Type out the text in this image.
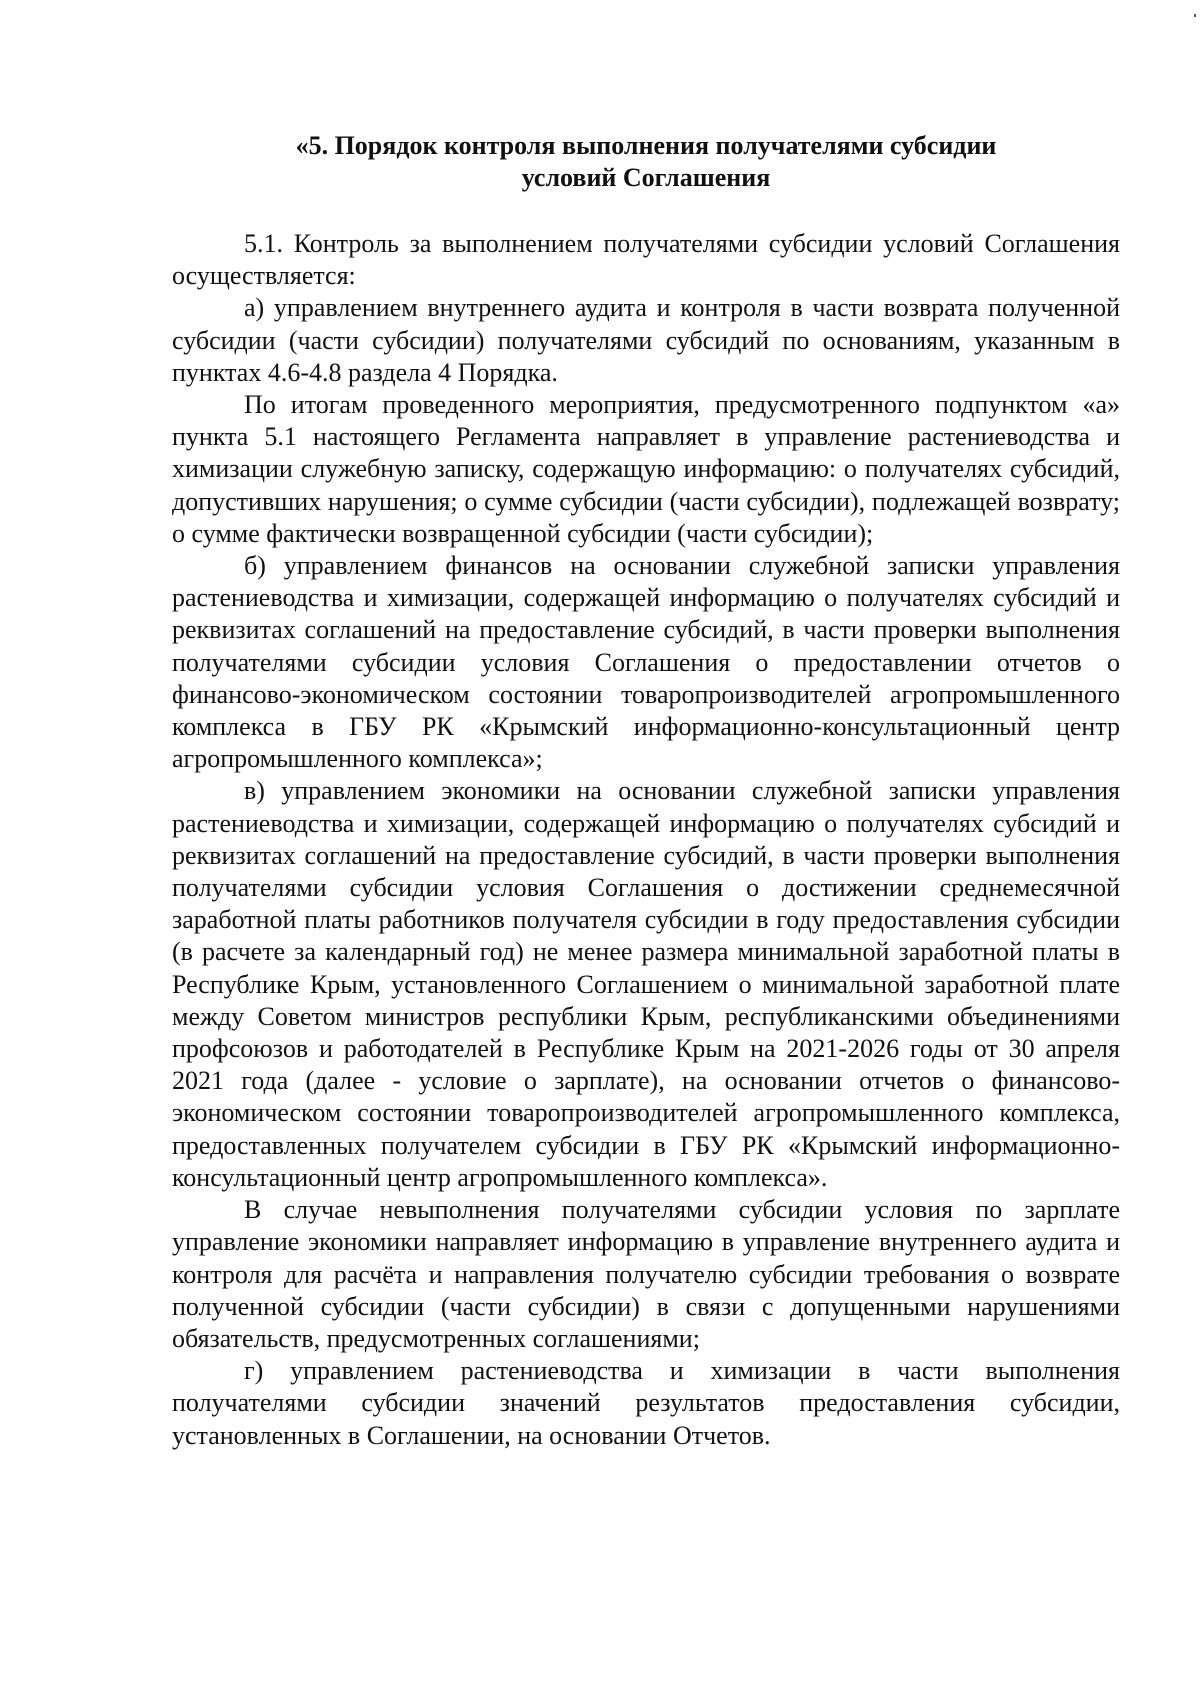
«5. Порядок контроля выполнения получателями субсидии
условий Соглашения

5.1. Контроль за выполнением получателями субсидии условий Соглашения осуществляется:

а) управлением внутреннего аудита и контроля в части возврата полученной субсидии (части субсидии) получателями субсидий по основаниям, указанным в пунктах 4.6-4.8 раздела 4 Порядка.

По итогам проведенного мероприятия, предусмотренного подпунктом «а» пункта 5.1 настоящего Регламента направляет в управление растениеводства и химизации служебную записку, содержащую информацию: о получателях субсидий, допустивших нарушения; о сумме субсидии (части субсидии), подлежащей возврату; о сумме фактически возвращенной субсидии (части субсидии);

б) управлением финансов на основании служебной записки управления растениеводства и химизации, содержащей информацию о получателях субсидий и реквизитах соглашений на предоставление субсидий, в части проверки выполнения получателями субсидии условия Соглашения о предоставлении отчетов о финансово-экономическом состоянии товаропроизводителей агропромышленного комплекса в ГБУ РК «Крымский информационно-консультационный центр агропромышленного комплекса»;

в) управлением экономики на основании служебной записки управления растениеводства и химизации, содержащей информацию о получателях субсидий и реквизитах соглашений на предоставление субсидий, в части проверки выполнения получателями субсидии условия Соглашения о достижении среднемесячной заработной платы работников получателя субсидии в году предоставления субсидии (в расчете за календарный год) не менее размера минимальной заработной платы в Республике Крым, установленного Соглашением о минимальной заработной плате между Советом министров республики Крым, республиканскими объединениями профсоюзов и работодателей в Республике Крым на 2021-2026 годы от 30 апреля 2021 года (далее - условие о зарплате), на основании отчетов о финансово-экономическом состоянии товаропроизводителей агропромышленного комплекса, предоставленных получателем субсидии в ГБУ РК «Крымский информационно-консультационный центр агропромышленного комплекса».

В случае невыполнения получателями субсидии условия по зарплате управление экономики направляет информацию в управление внутреннего аудита и контроля для расчёта и направления получателю субсидии требования о возврате полученной субсидии (части субсидии) в связи с допущенными нарушениями обязательств, предусмотренных соглашениями;

г) управлением растениеводства и химизации в части выполнения получателями субсидии значений результатов предоставления субсидии, установленных в Соглашении, на основании Отчетов.
